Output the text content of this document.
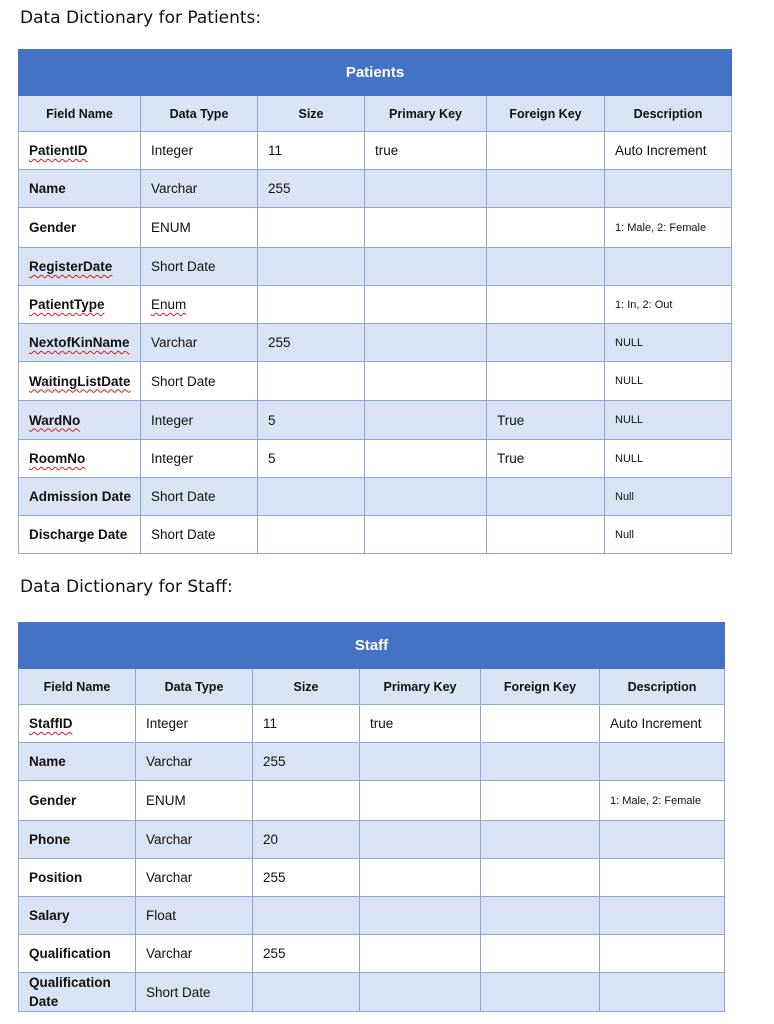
Data Dictionary for Patients:
Patients					
Field Name	Data Type	Size	Primary Key	Foreign Key	Description
PatientID	Integer	11	true		Auto Increment
Name	Varchar	255			
Gender	ENUM				1: Male, 2: Female
RegisterDate	Short Date				
PatientType	Enum				1: In, 2: Out
NextofKinName	Varchar	255			NULL
WaitingListDate	Short Date				NULL
WardNo	Integer	5		True	NULL
RoomNo	Integer	5		True	NULL
Admission Date	Short Date				Null
Discharge Date	Short Date				Null
Data Dictionary for Staff:
Staff					
Field Name	Data Type	Size	Primary Key	Foreign Key	Description
StaffID	Integer	11	true		Auto Increment
Name	Varchar	255			
Gender	ENUM				1: Male, 2: Female
Phone	Varchar	20			
Position	Varchar	255			
Salary	Float				
Qualification	Varchar	255			
Qualification Date	Short Date				
